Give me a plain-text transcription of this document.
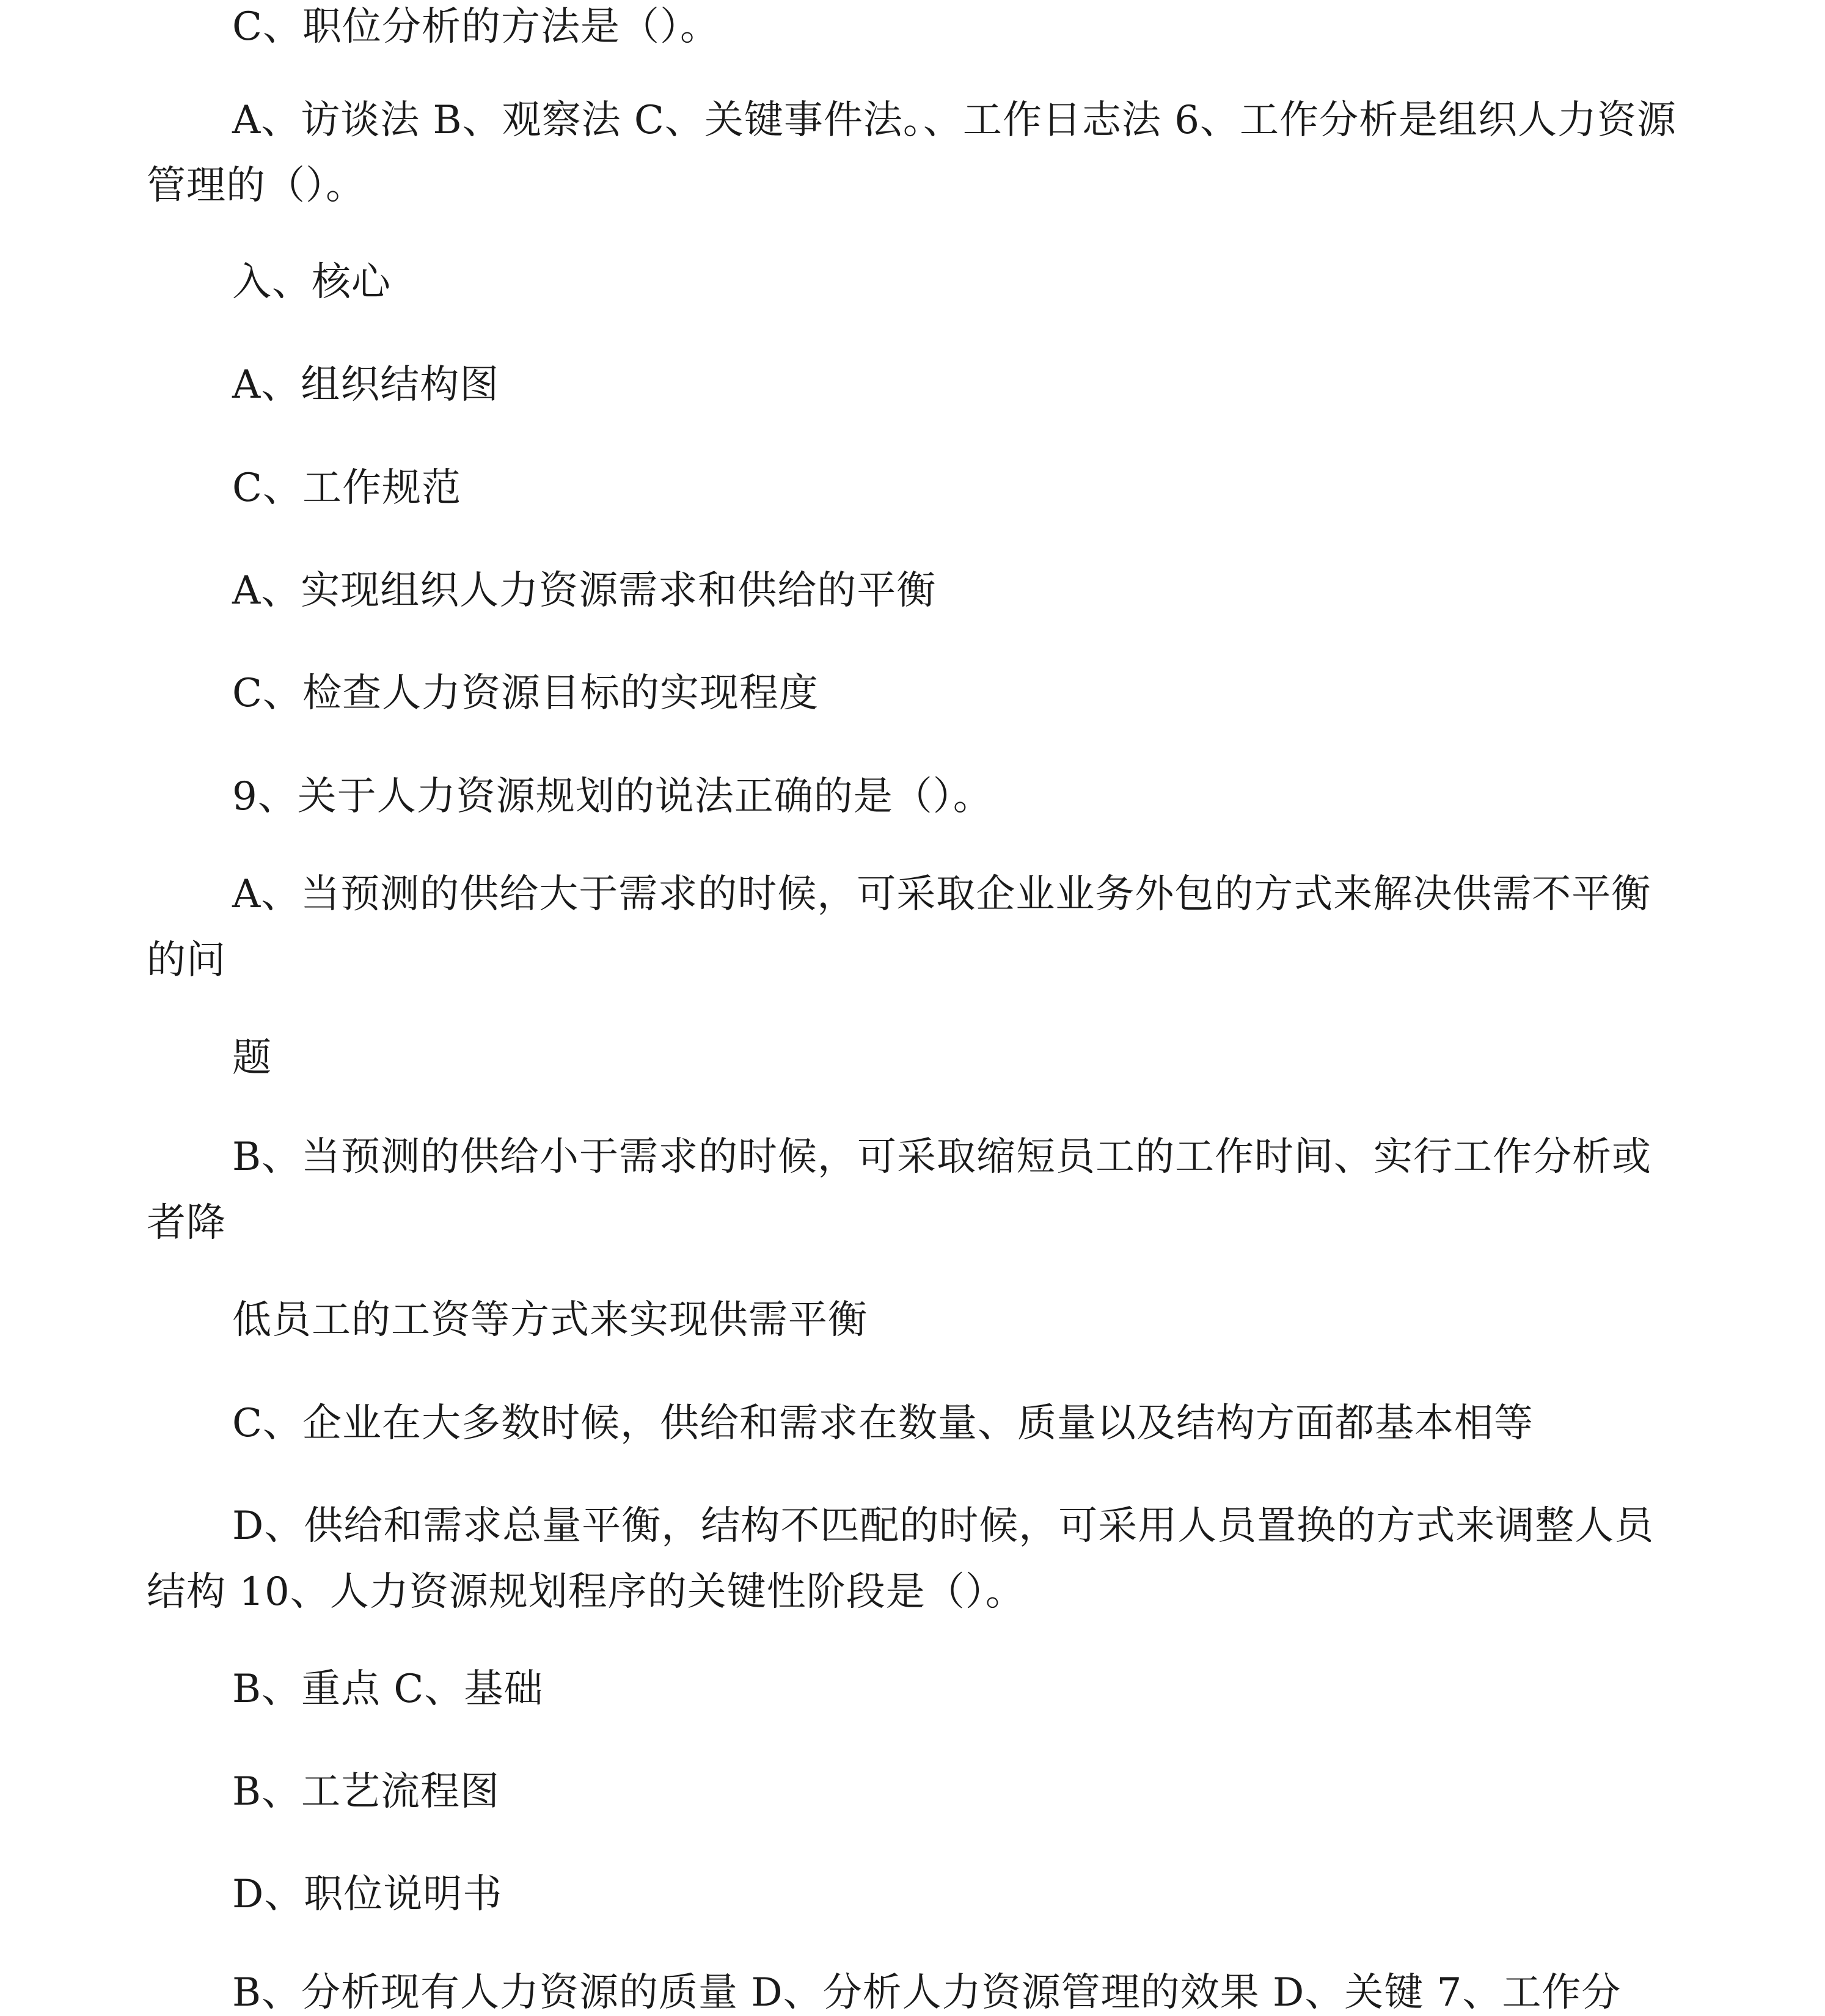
C、职位分析的方法是（）。
A、访谈法 B、观察法 C、关键事件法。、工作日志法 6、工作分析是组织人力资源
管理的（）。
入、核心
A、组织结构图
C、工作规范
A、实现组织人力资源需求和供给的平衡
C、检查人力资源目标的实现程度
9、关于人力资源规划的说法正确的是（）。
A、当预测的供给大于需求的时候，可采取企业业务外包的方式来解决供需不平衡
的问
题
B、当预测的供给小于需求的时候，可采取缩短员工的工作时间、实行工作分析或
者降
低员工的工资等方式来实现供需平衡
C、企业在大多数时候，供给和需求在数量、质量以及结构方面都基本相等
D、供给和需求总量平衡，结构不匹配的时候，可采用人员置换的方式来调整人员
结构 10、人力资源规划程序的关键性阶段是（）。
B、重点 C、基础
B、工艺流程图
D、职位说明书
B、分析现有人力资源的质量 D、分析人力资源管理的效果 D、关键 7、工作分
